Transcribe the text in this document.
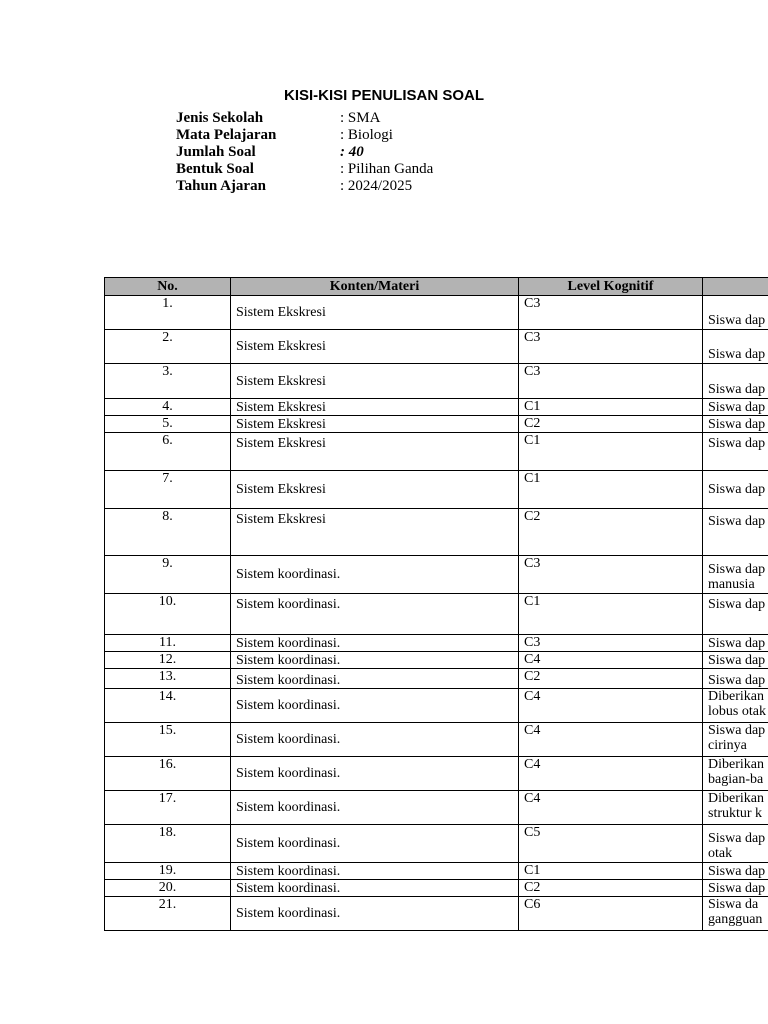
KISI-KISI PENULISAN SOAL
Jenis Sekolah	: SMA
Mata Pelajaran	: Biologi
Jumlah Soal	: 40
Bentuk Soal	: Pilihan Ganda
Tahun Ajaran	: 2024/2025
No.	Konten/Materi	Level Kognitif	
1.	Sistem Ekskresi	C3	Siswa dap

2.	Sistem Ekskresi	C3	Siswa dap

3.	Sistem Ekskresi	C3	Siswa dap

4.	Sistem Ekskresi	C1	Siswa dap
5.	Sistem Ekskresi	C2	Siswa dap
6.	Sistem Ekskresi	C1	Siswa dap
7.	Sistem Ekskresi	C1	Siswa dap
8.	Sistem Ekskresi	C2	Siswa dap
9.	Sistem koordinasi.	C3	Siswa dap
manusia
10.	Sistem koordinasi.	C1	Siswa dap
11.	Sistem koordinasi.	C3	Siswa dap
12.	Sistem koordinasi.	C4	Siswa dap
13.	Sistem koordinasi.	C2	Siswa dap
14.	Sistem koordinasi.	C4	Diberikan
lobus otak
15.	Sistem koordinasi.	C4	Siswa dap
cirinya
16.	Sistem koordinasi.	C4	Diberikan
bagian-ba
17.	Sistem koordinasi.	C4	Diberikan
struktur k
18.	Sistem koordinasi.	C5	Siswa dap
otak
19.	Sistem koordinasi.	C1	Siswa dap
20.	Sistem koordinasi.	C2	Siswa dap
21.	Sistem koordinasi.	C6	Siswa da
gangguan
